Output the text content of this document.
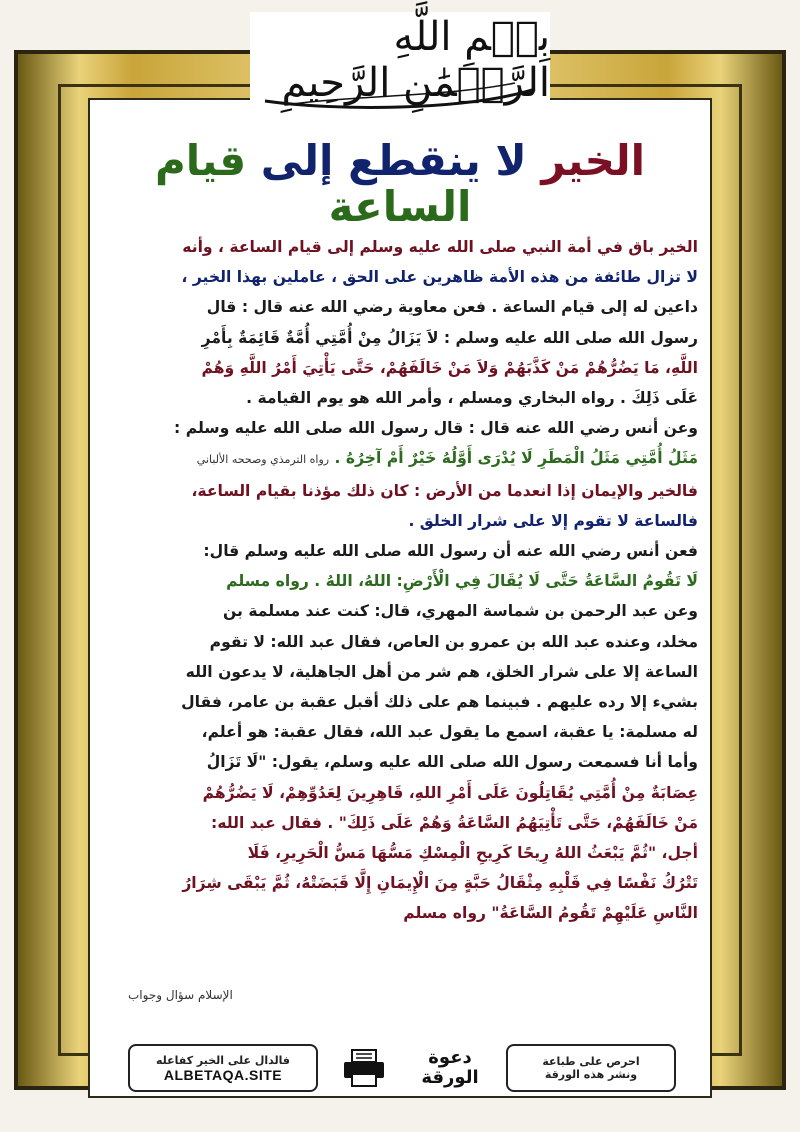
بِسۡمِ اللَّهِ الرَّحۡمَٰنِ الرَّحِيمِ
الخير لا ينقطع إلى قيام الساعة

الخير باق في أمة النبي صلى الله عليه وسلم إلى قيام الساعة ، وأنه

لا تزال طائفة من هذه الأمة ظاهرين على الحق ، عاملين بهذا الخير ،

داعين له إلى قيام الساعة . فعن معاوية رضي الله عنه قال : قال

رسول الله صلى الله عليه وسلم : لاَ يَزَالُ مِنْ أُمَّتِي أُمَّةٌ قَائِمَةٌ بِأَمْرِ

اللَّهِ، مَا يَضُرُّهُمْ مَنْ كَذَّبَهُمْ وَلاَ مَنْ خَالَفَهُمْ، حَتَّى يَأْتِيَ أَمْرُ اللَّهِ وَهُمْ

عَلَى ذَلِكَ . رواه البخاري ومسلم ، وأمر الله هو يوم القيامة .

وعن أنس رضي الله عنه قال : قال رسول الله صلى الله عليه وسلم :

مَثَلُ أُمَّتِي مَثَلُ الْمَطَرِ لَا يُدْرَى أَوَّلُهُ خَيْرٌ أَمْ آخِرُهُ . رواه الترمذي وصححه الألباني

فالخير والإيمان إذا انعدما من الأرض : كان ذلك مؤذنا بقيام الساعة،

فالساعة لا تقوم إلا على شرار الخلق .

فعن أنس رضي الله عنه أن رسول الله صلى الله عليه وسلم قال:

لَا تَقُومُ السَّاعَةُ حَتَّى لَا يُقَالَ فِي الْأَرْضِ: اللهُ، اللهُ . رواه مسلم

وعن عبد الرحمن بن شماسة المهري، قال: كنت عند مسلمة بن

مخلد، وعنده عبد الله بن عمرو بن العاص، فقال عبد الله: لا تقوم

الساعة إلا على شرار الخلق، هم شر من أهل الجاهلية، لا يدعون الله

بشيء إلا رده عليهم . فبينما هم على ذلك أقبل عقبة بن عامر، فقال

له مسلمة: يا عقبة، اسمع ما يقول عبد الله، فقال عقبة: هو أعلم،

وأما أنا فسمعت رسول الله صلى الله عليه وسلم، يقول: "لَا تَزَالُ

عِصَابَةٌ مِنْ أُمَّتِي يُقَاتِلُونَ عَلَى أَمْرِ اللهِ، قَاهِرِينَ لِعَدُوِّهِمْ، لَا يَضُرُّهُمْ

مَنْ خَالَفَهُمْ، حَتَّى تَأْتِيَهُمُ السَّاعَةُ وَهُمْ عَلَى ذَلِكَ" . فقال عبد الله:

أجل، "ثُمَّ يَبْعَثُ اللهُ رِيحًا كَرِيحِ الْمِسْكِ مَسُّهَا مَسُّ الْحَرِيرِ، فَلَا

تَتْرُكُ نَفْسًا فِي قَلْبِهِ مِثْقَالُ حَبَّةٍ مِنَ الْإِيمَانِ إِلَّا قَبَضَتْهُ، ثُمَّ يَبْقَى شِرَارُ

النَّاسِ عَلَيْهِمْ تَقُومُ السَّاعَةُ" رواه مسلم

الإسلام سؤال وجواب
فالدال على الخير كفاعله
ALBETAQA.SITE
دعوة
الورقة
احرص على طباعة
ونشر هذه الورقة
